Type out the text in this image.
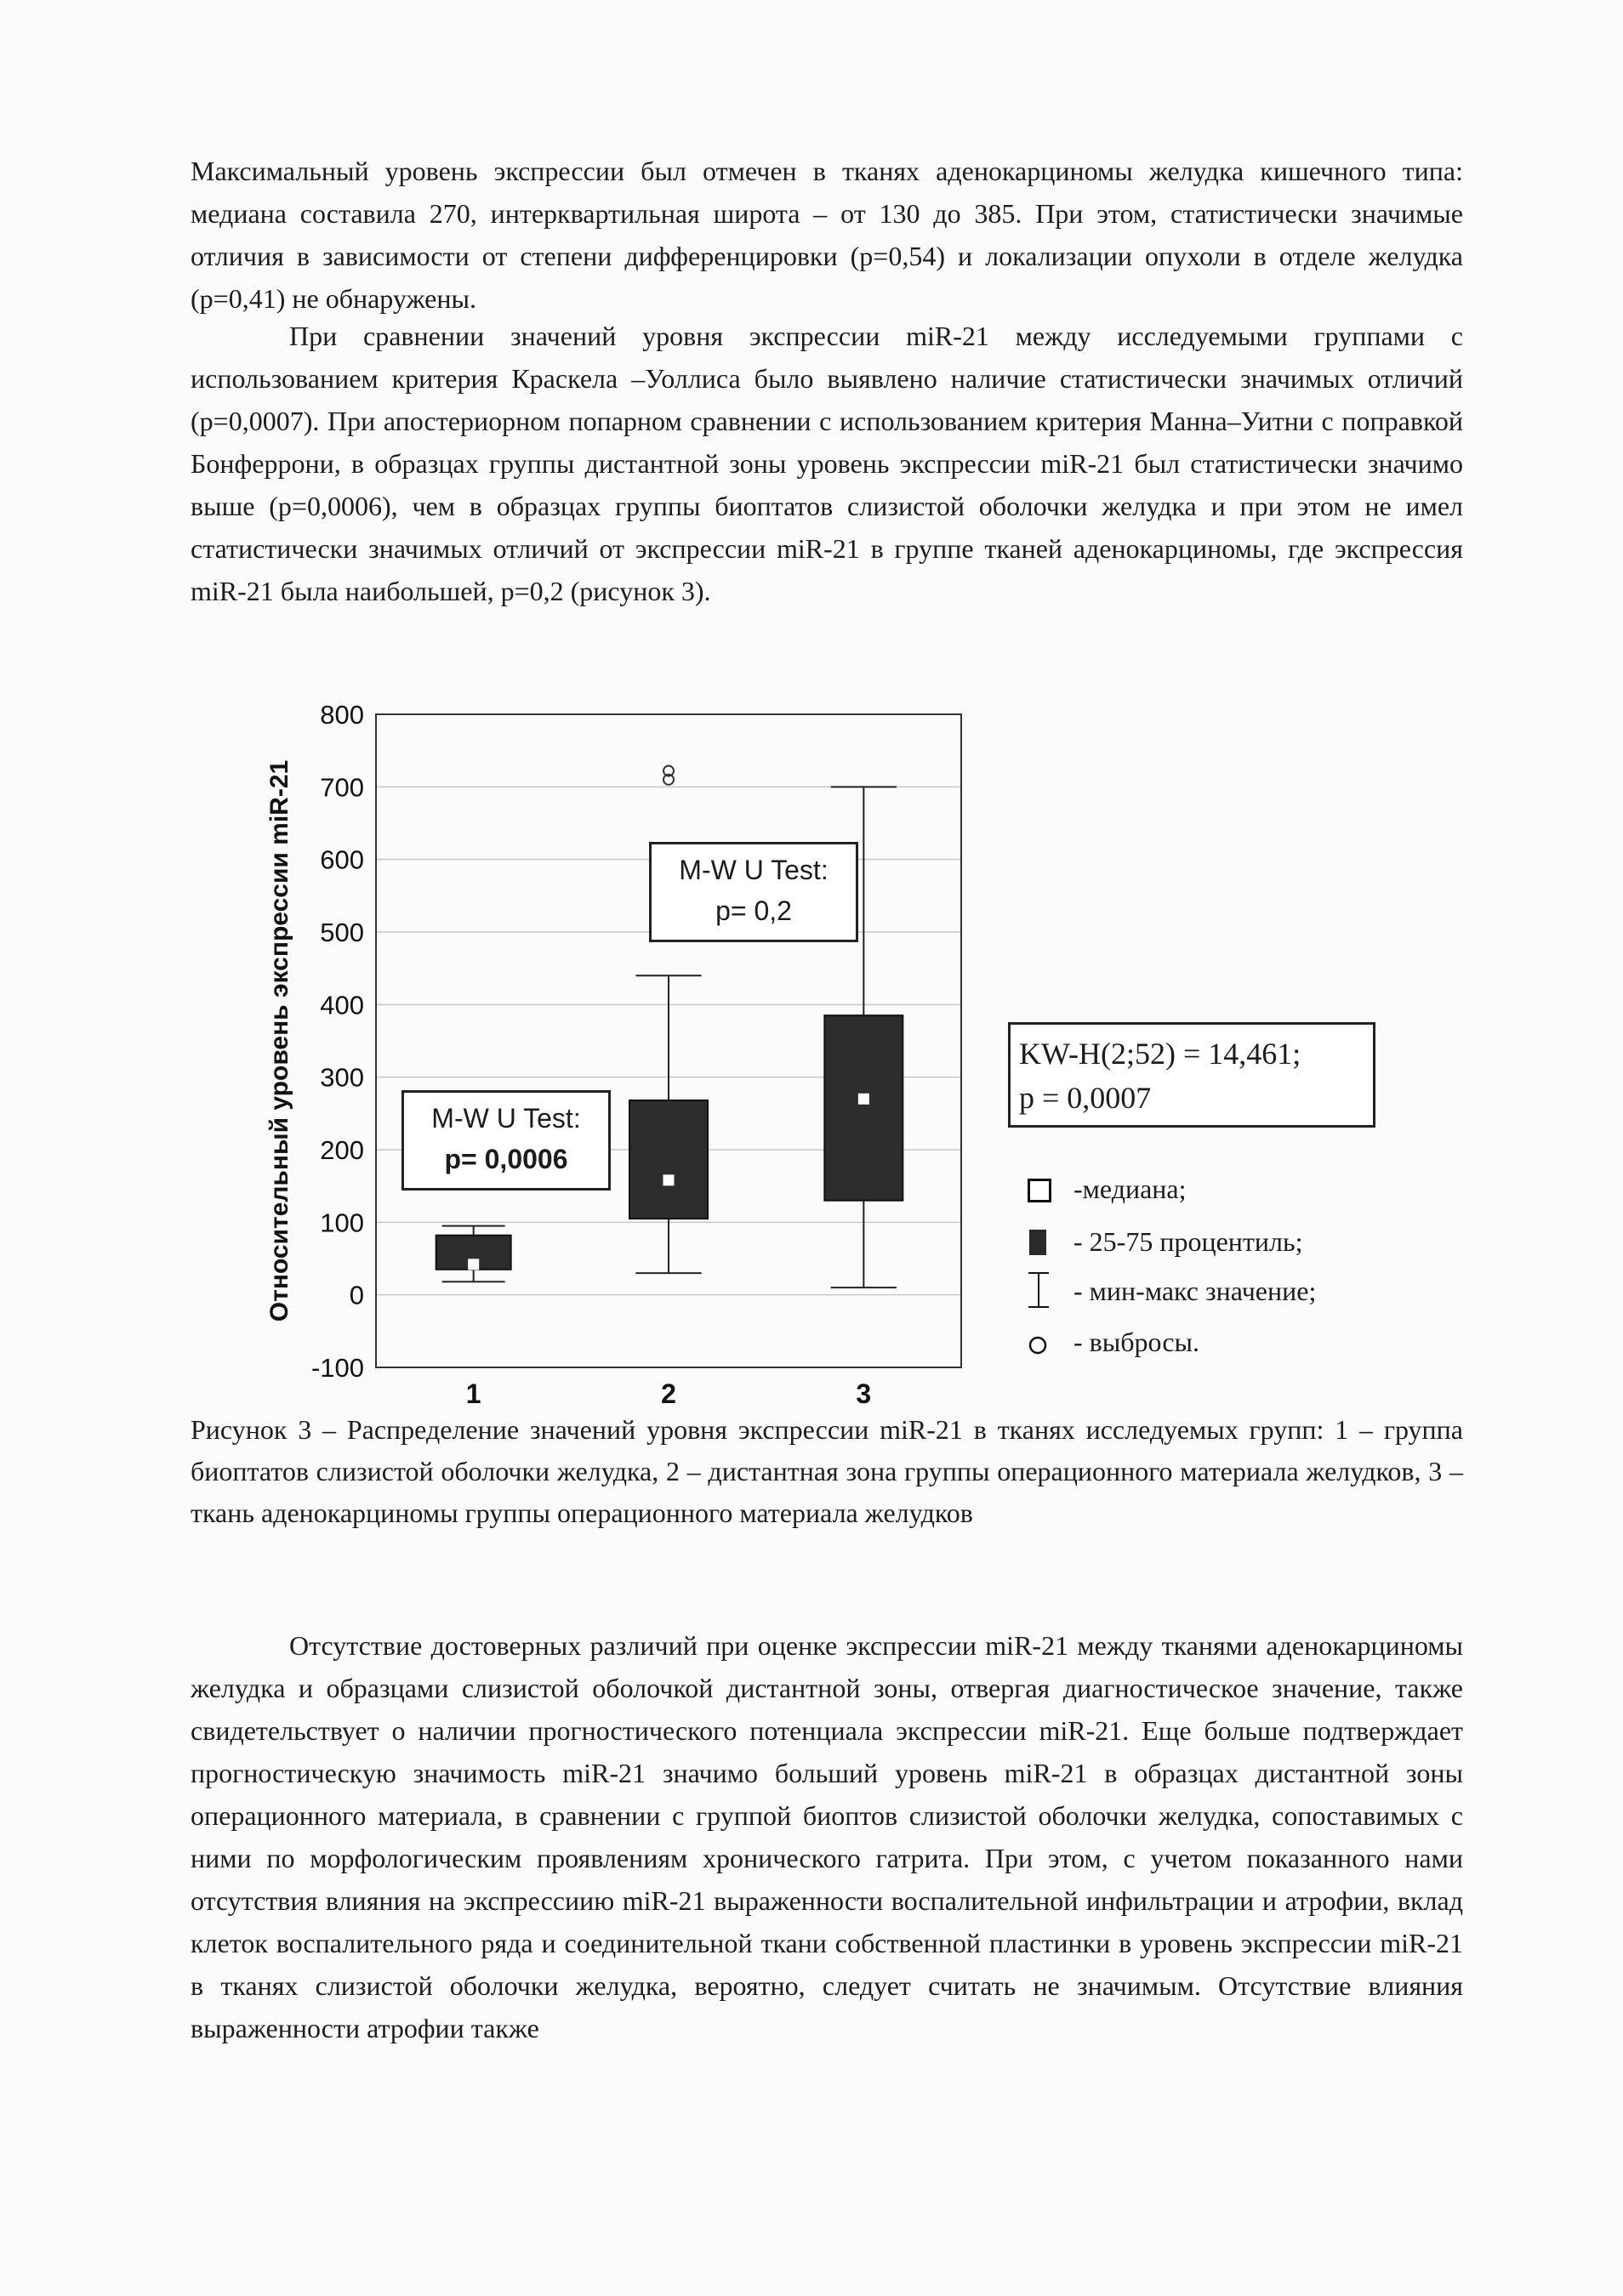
Максимальный уровень экспрессии был отмечен в тканях аденокарциномы желудка кишечного типа: медиана составила 270, интерквартильная широта – от 130 до 385. При этом, статистически значимые отличия в зависимости от степени дифференцировки (р=0,54) и локализации опухоли в отделе желудка (р=0,41) не обнаружены.

При сравнении значений уровня экспрессии miR-21 между исследуемыми группами с использованием критерия Краскела –Уоллиса было выявлено наличие статистически значимых отличий (р=0,0007). При апостериорном попарном сравнении с использованием критерия Манна–Уитни с поправкой Бонферрони, в образцах группы дистантной зоны уровень экспрессии miR-21 был статистически значимо выше (р=0,0006), чем в образцах группы биоптатов слизистой оболочки желудка и при этом не имел статистически значимых отличий от экспрессии miR-21 в группе тканей аденокарциномы, где экспрессия miR-21 была наибольшей, р=0,2 (рисунок 3).

-100
0
100
200
300
400
500
600
700
800
1	2	3
Относительный уровень экспрессии miR-21	M-W U Test:
p= 0,0006
M-W U Test:
p= 0,2
KW-H(2;52) = 14,461;
p = 0,0007
-медиана;
- 25-75 процентиль;
- мин-макс значение;
- выбросы.

Рисунок 3 – Распределение значений уровня экспрессии miR-21 в тканях исследуемых групп: 1 – группа биоптатов слизистой оболочки желудка, 2 – дистантная зона группы операционного материала желудков, 3 – ткань аденокарциномы группы операционного материала желудков

Отсутствие достоверных различий при оценке экспрессии miR-21 между тканями аденокарциномы желудка и образцами слизистой оболочкой дистантной зоны, отвергая диагностическое значение, также свидетельствует о наличии прогностического потенциала экспрессии miR-21. Еще больше подтверждает прогностическую значимость miR-21 значимо больший уровень miR-21 в образцах дистантной зоны операционного материала, в сравнении с группой биоптов слизистой оболочки желудка, сопоставимых с ними по морфологическим проявлениям хронического гатрита. При этом, с учетом показанного нами отсутствия влияния на экспрессиию miR-21 выраженности воспалительной инфильтрации и атрофии, вклад клеток воспалительного ряда и соединительной ткани собственной пластинки в уровень экспрессии miR-21 в тканях слизистой оболочки желудка, вероятно, следует считать не значимым. Отсутствие влияния выраженности атрофии также
